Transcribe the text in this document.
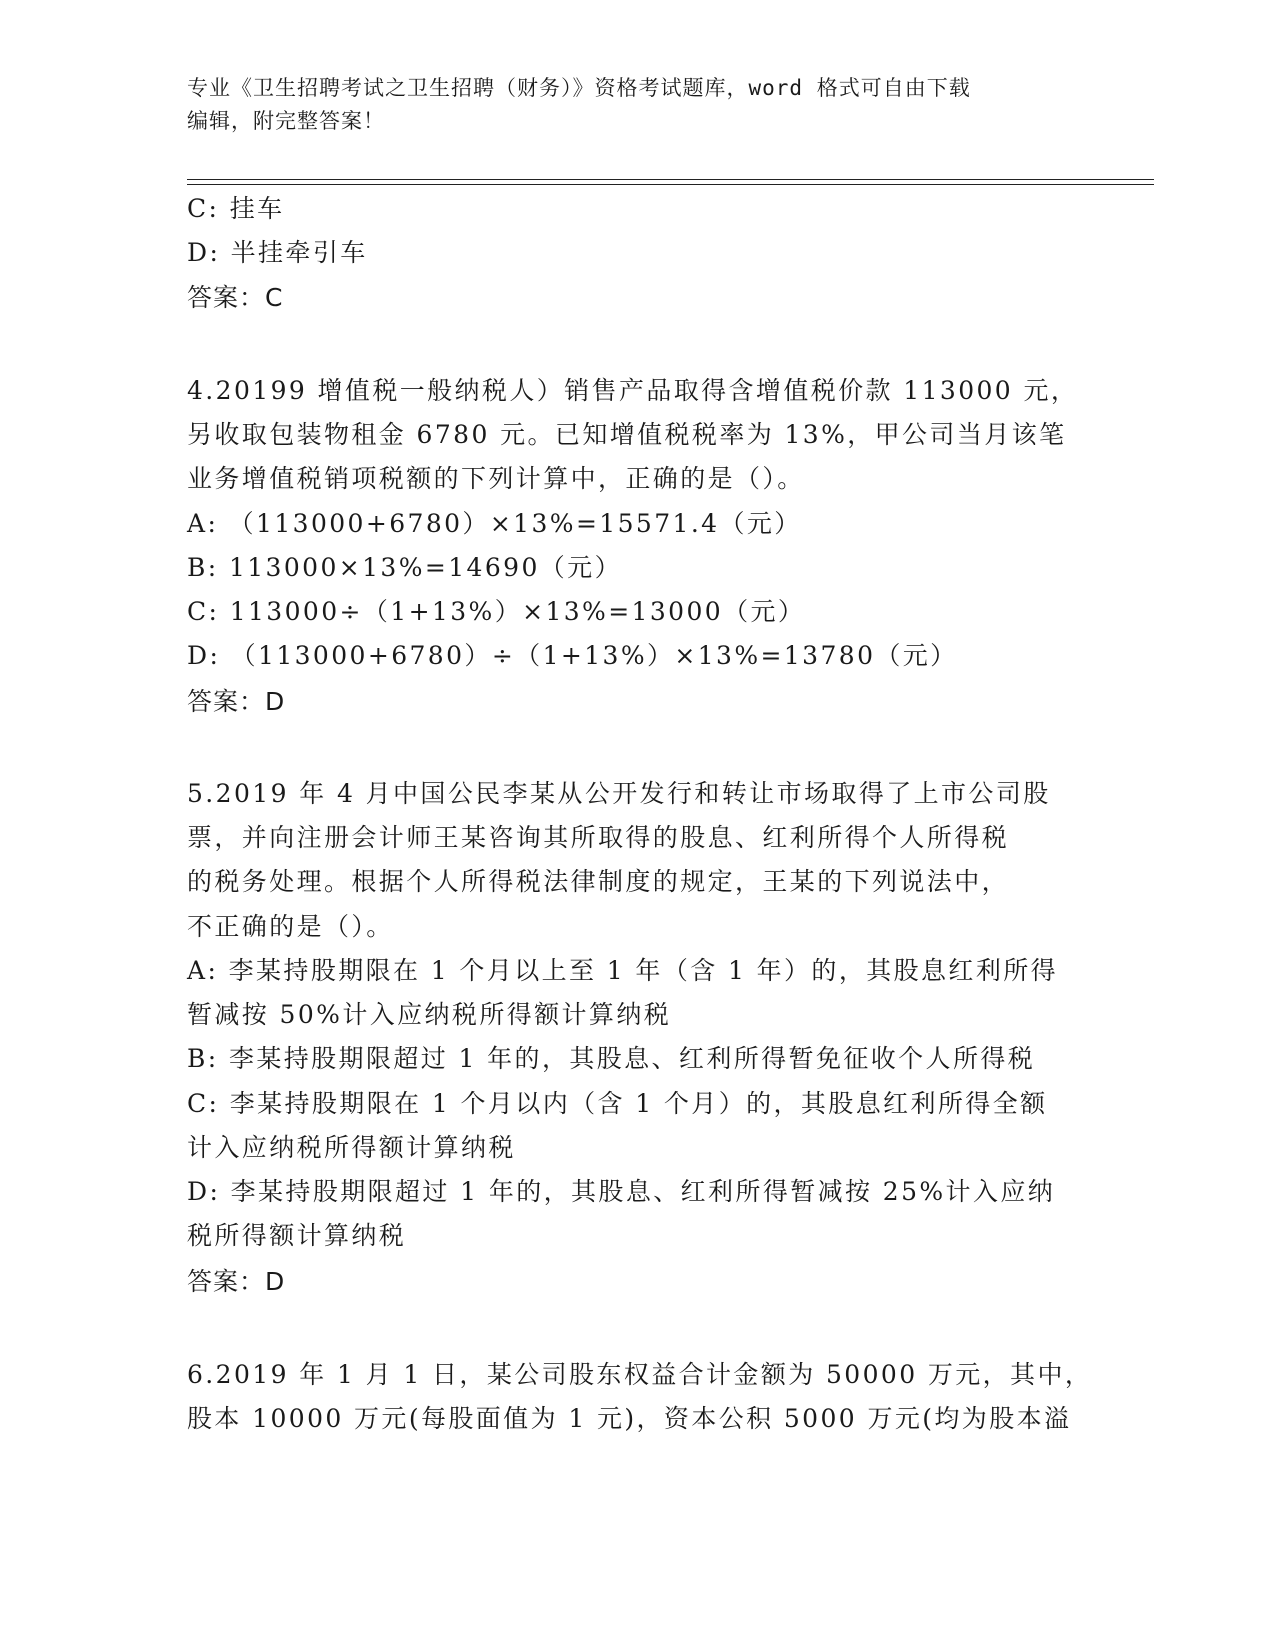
专业《卫生招聘考试之卫生招聘（财务）》资格考试题库，word 格式可自由下载
编辑，附完整答案！
C: 挂车
D: 半挂牵引车
答案：C
4.20199 增值税一般纳税人）销售产品取得含增值税价款 113000 元，
另收取包装物租金 6780 元。已知增值税税率为 13%，甲公司当月该笔
业务增值税销项税额的下列计算中，正确的是（）。
A: （113000+6780）×13%=15571.4（元）
B: 113000×13%=14690（元）
C: 113000÷（1+13%）×13%=13000（元）
D: （113000+6780）÷（1+13%）×13%=13780（元）
答案：D
5.2019 年 4 月中国公民李某从公开发行和转让市场取得了上市公司股
票，并向注册会计师王某咨询其所取得的股息、红利所得个人所得税
的税务处理。根据个人所得税法律制度的规定，王某的下列说法中，
不正确的是（）。
A: 李某持股期限在 1 个月以上至 1 年（含 1 年）的，其股息红利所得
暂减按 50%计入应纳税所得额计算纳税
B: 李某持股期限超过 1 年的，其股息、红利所得暂免征收个人所得税
C: 李某持股期限在 1 个月以内（含 1 个月）的，其股息红利所得全额
计入应纳税所得额计算纳税
D: 李某持股期限超过 1 年的，其股息、红利所得暂减按 25%计入应纳
税所得额计算纳税
答案：D
6.2019 年 1 月 1 日，某公司股东权益合计金额为 50000 万元，其中，
股本 10000 万元(每股面值为 1 元)，资本公积 5000 万元(均为股本溢
